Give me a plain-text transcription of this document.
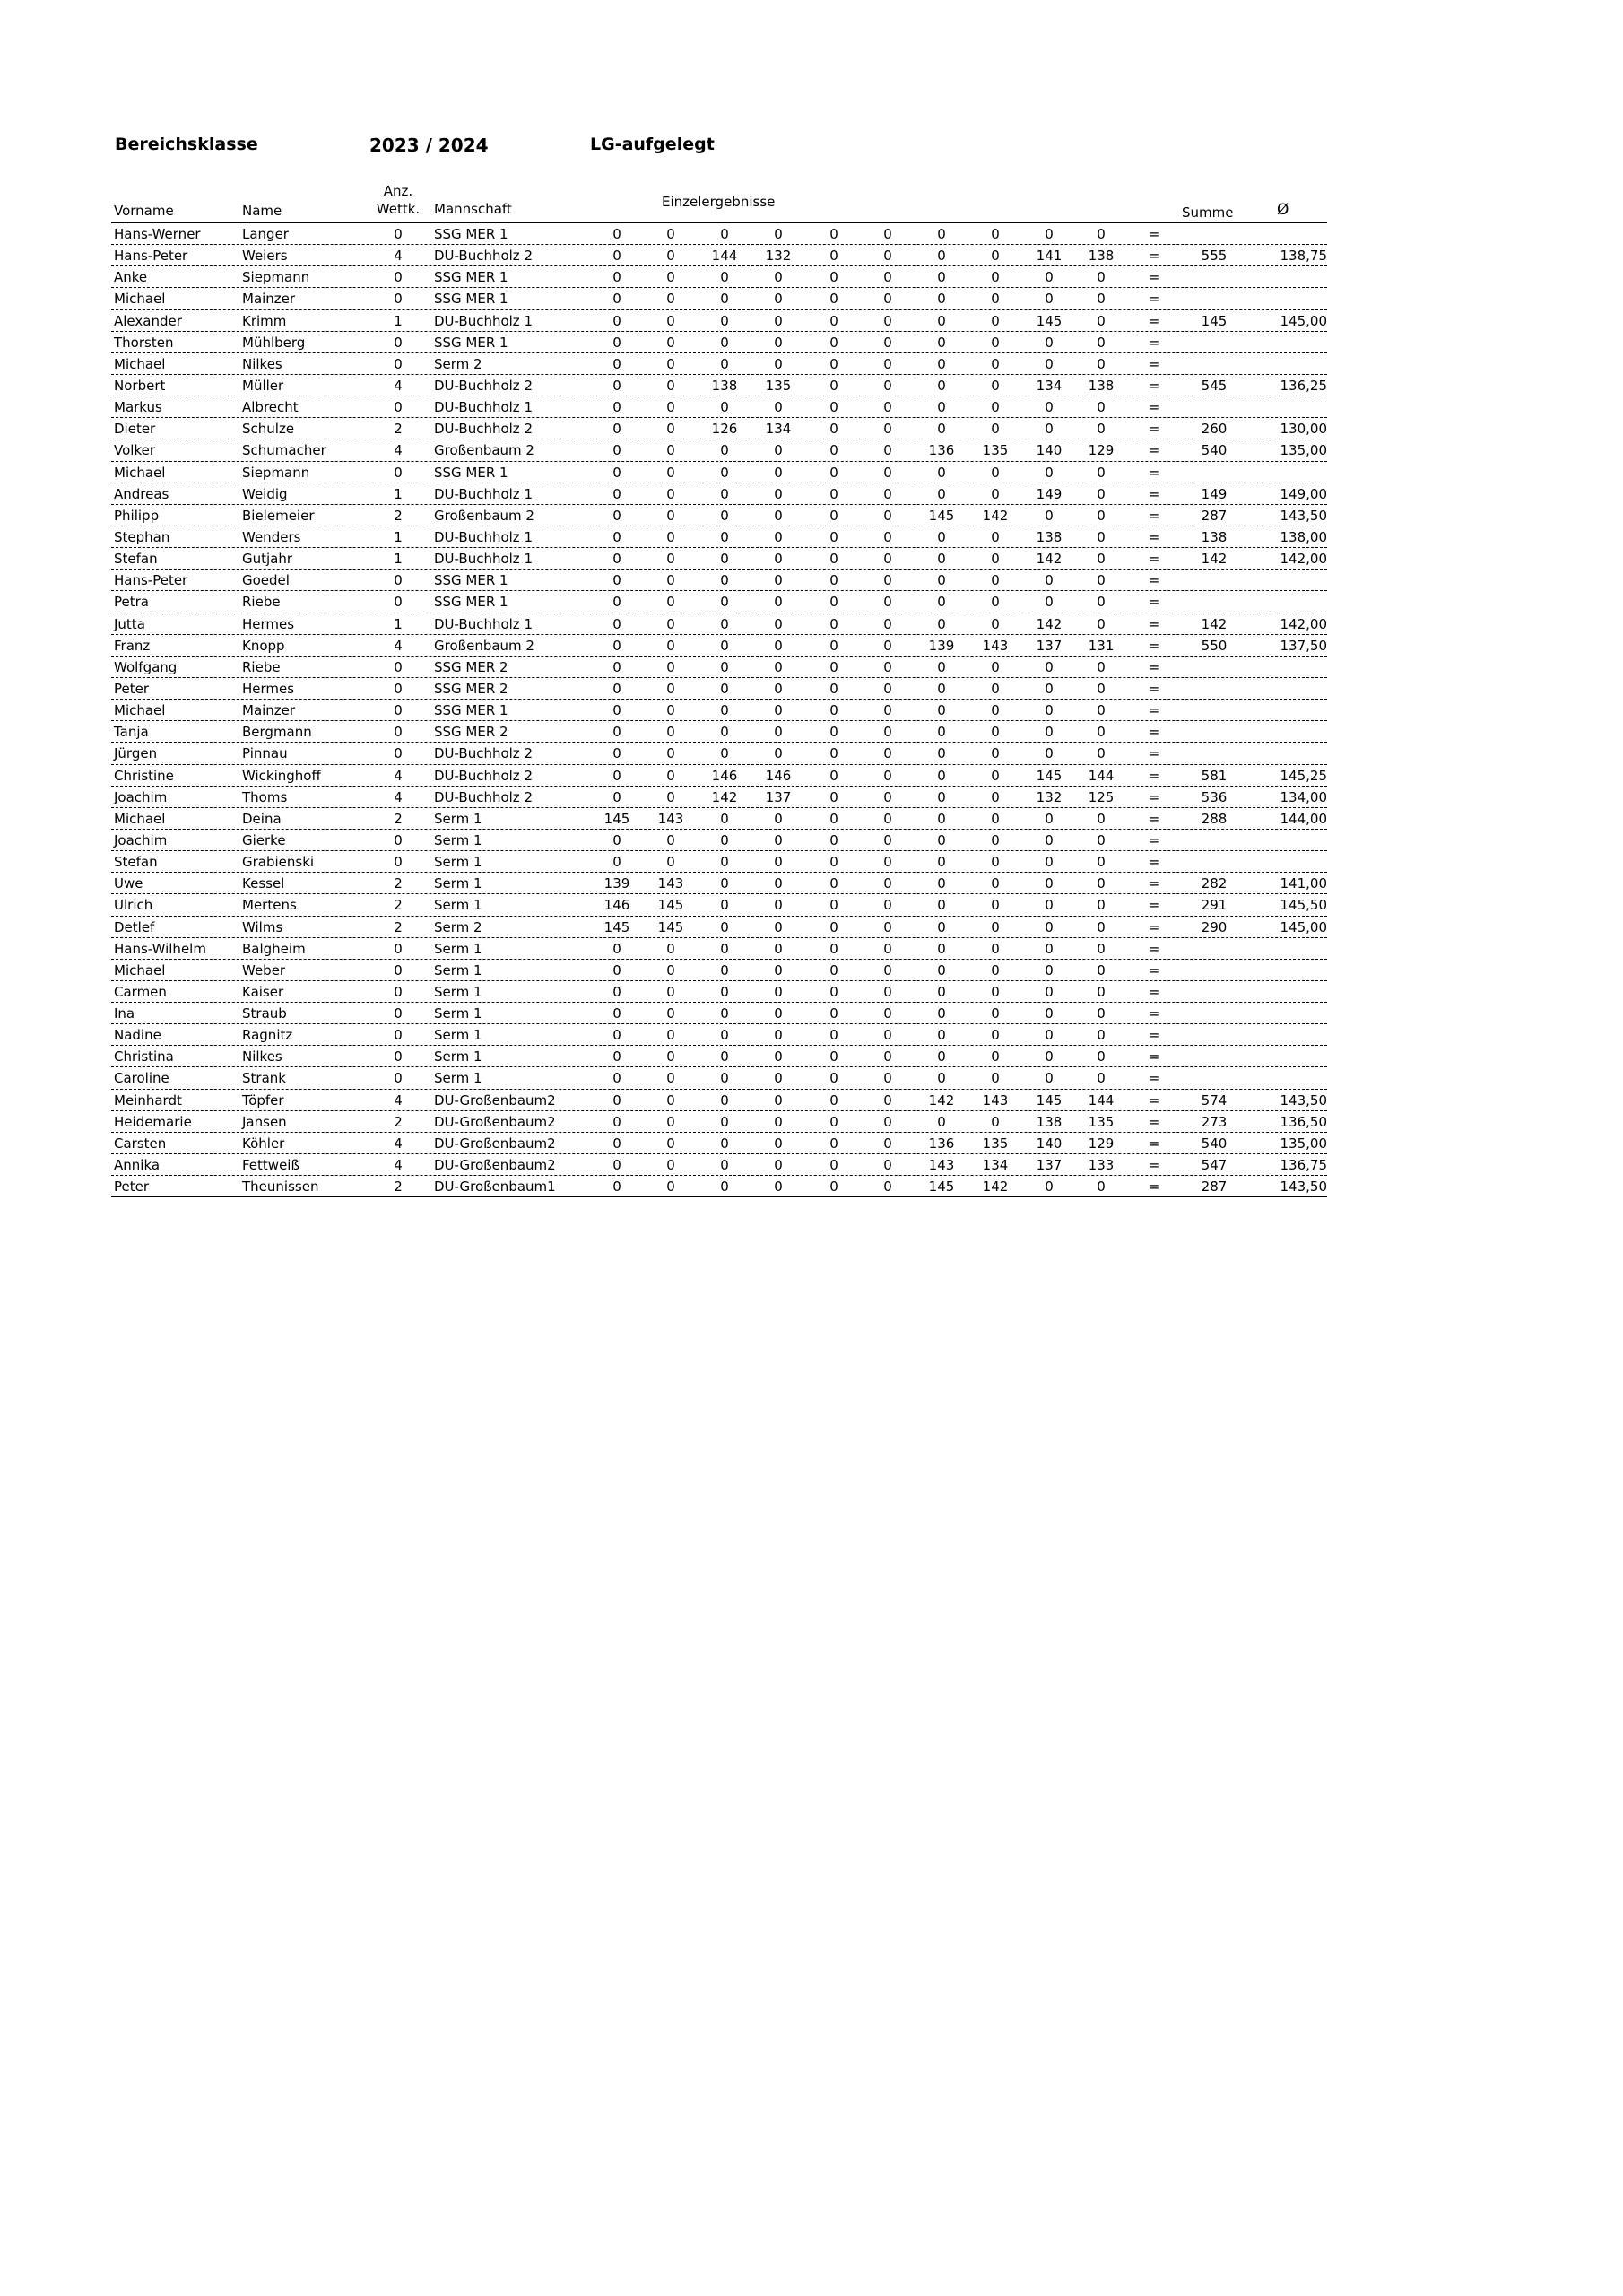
Bereichsklasse	2023 / 2024	LG-aufgelegt
Vorname	Name
Anz.
Wettk.	Mannschaft	Einzelergebnisse
Summe	Ø
Hans-Werner	Langer	0	SSG MER 1	0	0	0	0	0	0	0	0	0	0	=
Hans-Peter	Weiers	4	DU-Buchholz 2	0	0	144	132	0	0	0	0	141	138	=	555	138,75
Anke	Siepmann	0	SSG MER 1	0	0	0	0	0	0	0	0	0	0	=
Michael	Mainzer	0	SSG MER 1	0	0	0	0	0	0	0	0	0	0	=
Alexander	Krimm	1	DU-Buchholz 1	0	0	0	0	0	0	0	0	145	0	=	145	145,00
Thorsten	Mühlberg	0	SSG MER 1	0	0	0	0	0	0	0	0	0	0	=
Michael	Nilkes	0	Serm 2	0	0	0	0	0	0	0	0	0	0	=
Norbert	Müller	4	DU-Buchholz 2	0	0	138	135	0	0	0	0	134	138	=	545	136,25
Markus	Albrecht	0	DU-Buchholz 1	0	0	0	0	0	0	0	0	0	0	=
Dieter	Schulze	2	DU-Buchholz 2	0	0	126	134	0	0	0	0	0	0	=	260	130,00
Volker	Schumacher	4	Großenbaum 2	0	0	0	0	0	0	136	135	140	129	=	540	135,00
Michael	Siepmann	0	SSG MER 1	0	0	0	0	0	0	0	0	0	0	=
Andreas	Weidig	1	DU-Buchholz 1	0	0	0	0	0	0	0	0	149	0	=	149	149,00
Philipp	Bielemeier	2	Großenbaum 2	0	0	0	0	0	0	145	142	0	0	=	287	143,50
Stephan	Wenders	1	DU-Buchholz 1	0	0	0	0	0	0	0	0	138	0	=	138	138,00
Stefan	Gutjahr	1	DU-Buchholz 1	0	0	0	0	0	0	0	0	142	0	=	142	142,00
Hans-Peter	Goedel	0	SSG MER 1	0	0	0	0	0	0	0	0	0	0	=
Petra	Riebe	0	SSG MER 1	0	0	0	0	0	0	0	0	0	0	=
Jutta	Hermes	1	DU-Buchholz 1	0	0	0	0	0	0	0	0	142	0	=	142	142,00
Franz	Knopp	4	Großenbaum 2	0	0	0	0	0	0	139	143	137	131	=	550	137,50
Wolfgang	Riebe	0	SSG MER 2	0	0	0	0	0	0	0	0	0	0	=
Peter	Hermes	0	SSG MER 2	0	0	0	0	0	0	0	0	0	0	=
Michael	Mainzer	0	SSG MER 1	0	0	0	0	0	0	0	0	0	0	=
Tanja	Bergmann	0	SSG MER 2	0	0	0	0	0	0	0	0	0	0	=
Jürgen	Pinnau	0	DU-Buchholz 2	0	0	0	0	0	0	0	0	0	0	=
Christine	Wickinghoff	4	DU-Buchholz 2	0	0	146	146	0	0	0	0	145	144	=	581	145,25
Joachim	Thoms	4	DU-Buchholz 2	0	0	142	137	0	0	0	0	132	125	=	536	134,00
Michael	Deina	2	Serm 1	145	143	0	0	0	0	0	0	0	0	=	288	144,00
Joachim	Gierke	0	Serm 1	0	0	0	0	0	0	0	0	0	0	=
Stefan	Grabienski	0	Serm 1	0	0	0	0	0	0	0	0	0	0	=
Uwe	Kessel	2	Serm 1	139	143	0	0	0	0	0	0	0	0	=	282	141,00
Ulrich	Mertens	2	Serm 1	146	145	0	0	0	0	0	0	0	0	=	291	145,50
Detlef	Wilms	2	Serm 2	145	145	0	0	0	0	0	0	0	0	=	290	145,00
Hans-Wilhelm	Balgheim	0	Serm 1	0	0	0	0	0	0	0	0	0	0	=
Michael	Weber	0	Serm 1	0	0	0	0	0	0	0	0	0	0	=
Carmen	Kaiser	0	Serm 1	0	0	0	0	0	0	0	0	0	0	=
Ina	Straub	0	Serm 1	0	0	0	0	0	0	0	0	0	0	=
Nadine	Ragnitz	0	Serm 1	0	0	0	0	0	0	0	0	0	0	=
Christina	Nilkes	0	Serm 1	0	0	0	0	0	0	0	0	0	0	=
Caroline	Strank	0	Serm 1	0	0	0	0	0	0	0	0	0	0	=
Meinhardt	Töpfer	4	DU-Großenbaum2	0	0	0	0	0	0	142	143	145	144	=	574	143,50
Heidemarie	Jansen	2	DU-Großenbaum2	0	0	0	0	0	0	0	0	138	135	=	273	136,50
Carsten	Köhler	4	DU-Großenbaum2	0	0	0	0	0	0	136	135	140	129	=	540	135,00
Annika	Fettweiß	4	DU-Großenbaum2	0	0	0	0	0	0	143	134	137	133	=	547	136,75
Peter	Theunissen	2	DU-Großenbaum1	0	0	0	0	0	0	145	142	0	0	=	287	143,50
